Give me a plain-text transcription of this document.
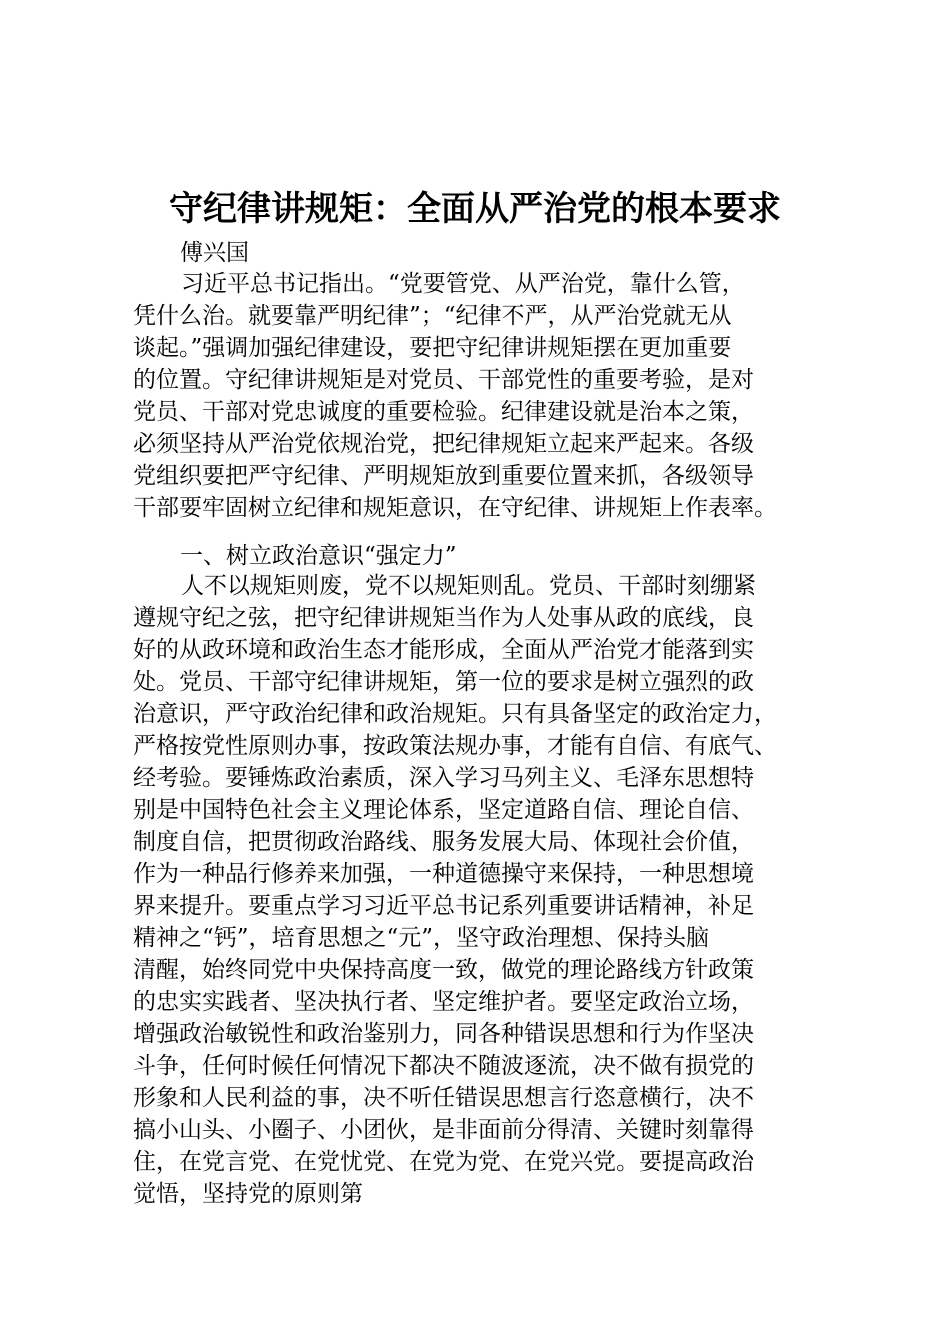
守纪律讲规矩：全面从严治党的根本要求
傅兴国
习近平总书记指出。“党要管党、从严治党，靠什么管，
凭什么治。就要靠严明纪律”；“纪律不严，从严治党就无从
谈起。”强调加强纪律建设，要把守纪律讲规矩摆在更加重要
的位置。守纪律讲规矩是对党员、干部党性的重要考验，是对
党员、干部对党忠诚度的重要检验。纪律建设就是治本之策，
必须坚持从严治党依规治党，把纪律规矩立起来严起来。各级
党组织要把严守纪律、严明规矩放到重要位置来抓，各级领导
干部要牢固树立纪律和规矩意识，在守纪律、讲规矩上作表率。
一、树立政治意识“强定力”
人不以规矩则废，党不以规矩则乱。党员、干部时刻绷紧
遵规守纪之弦，把守纪律讲规矩当作为人处事从政的底线，良
好的从政环境和政治生态才能形成，全面从严治党才能落到实
处。党员、干部守纪律讲规矩，第一位的要求是树立强烈的政
治意识，严守政治纪律和政治规矩。只有具备坚定的政治定力，
严格按党性原则办事，按政策法规办事，才能有自信、有底气、
经考验。要锤炼政治素质，深入学习马列主义、毛泽东思想特
别是中国特色社会主义理论体系，坚定道路自信、理论自信、
制度自信，把贯彻政治路线、服务发展大局、体现社会价值，
作为一种品行修养来加强，一种道德操守来保持，一种思想境
界来提升。要重点学习习近平总书记系列重要讲话精神，补足
精神之“钙”，培育思想之“元”，坚守政治理想、保持头脑
清醒，始终同党中央保持高度一致，做党的理论路线方针政策
的忠实实践者、坚决执行者、坚定维护者。要坚定政治立场，
增强政治敏锐性和政治鉴别力，同各种错误思想和行为作坚决
斗争，任何时候任何情况下都决不随波逐流，决不做有损党的
形象和人民利益的事，决不听任错误思想言行恣意横行，决不
搞小山头、小圈子、小团伙，是非面前分得清、关键时刻靠得
住，在党言党、在党忧党、在党为党、在党兴党。要提高政治
觉悟，坚持党的原则第
